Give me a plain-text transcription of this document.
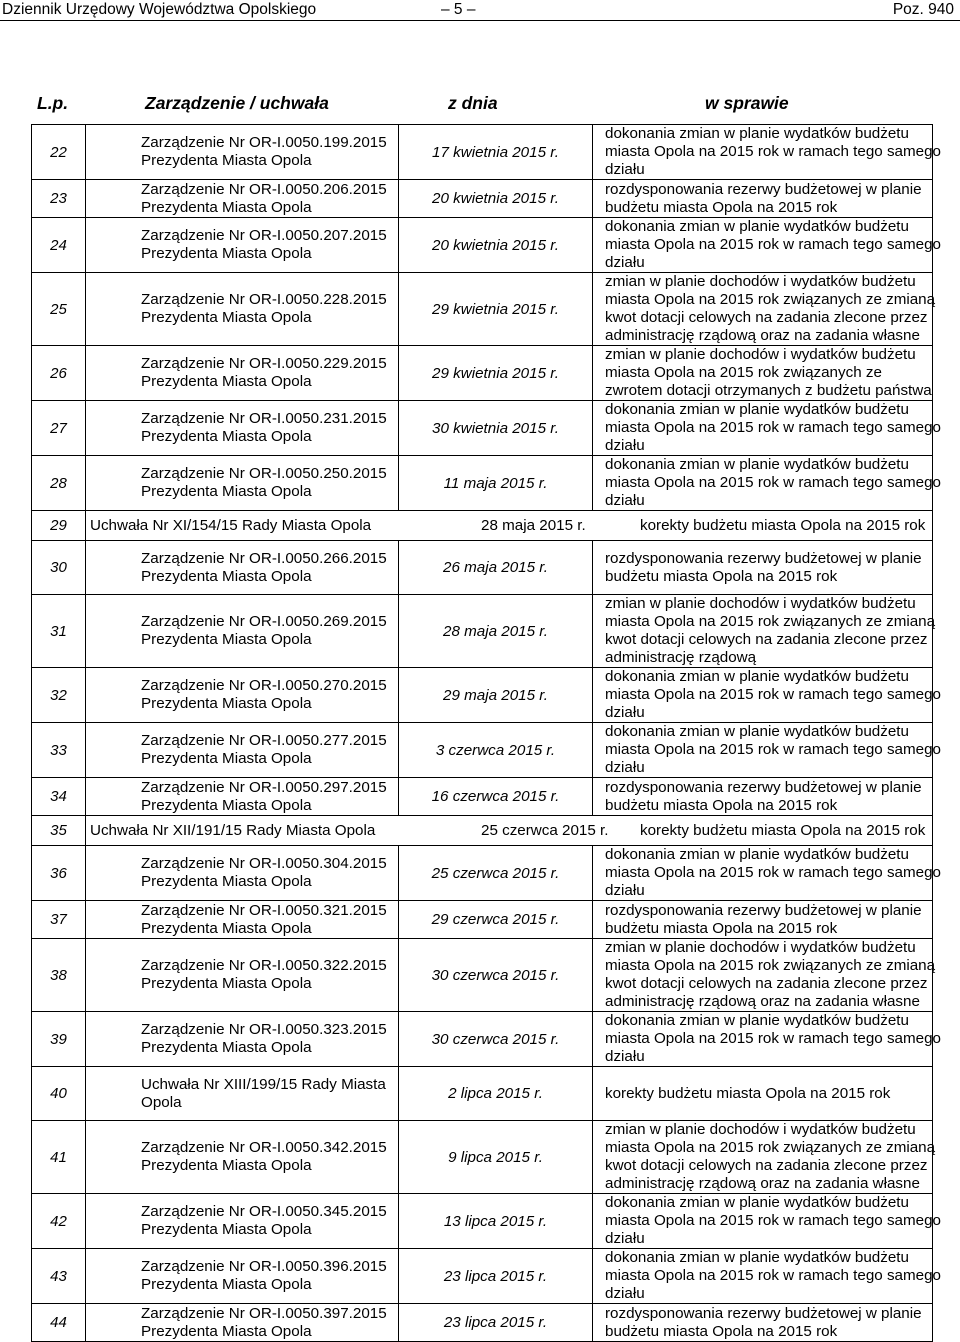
Dziennik Urzędowy Województwa Opolskiego	– 5 –	Poz. 940
L.p.	Zarządzenie / uchwała	z dnia	w sprawie
22	Zarządzenie Nr OR-I.0050.199.2015
Prezydenta Miasta Opola	17 kwietnia 2015 r.	dokonania zmian w planie wydatków budżetu
miasta Opola na 2015 rok w ramach tego samego
działu

23	Zarządzenie Nr OR-I.0050.206.2015
Prezydenta Miasta Opola	20 kwietnia 2015 r.	rozdysponowania rezerwy budżetowej w planie
budżetu miasta Opola na 2015 rok

24	Zarządzenie Nr OR-I.0050.207.2015
Prezydenta Miasta Opola	20 kwietnia 2015 r.	dokonania zmian w planie wydatków budżetu
miasta Opola na 2015 rok w ramach tego samego
działu

25	Zarządzenie Nr OR-I.0050.228.2015
Prezydenta Miasta Opola	29 kwietnia 2015 r.	zmian w planie dochodów i wydatków budżetu
miasta Opola na 2015 rok związanych ze zmianą
kwot dotacji celowych na zadania zlecone przez
administrację rządową oraz na zadania własne

26	Zarządzenie Nr OR-I.0050.229.2015
Prezydenta Miasta Opola	29 kwietnia 2015 r.	zmian w planie dochodów i wydatków budżetu
miasta Opola na 2015 rok związanych ze
zwrotem dotacji otrzymanych z budżetu państwa

27	Zarządzenie Nr OR-I.0050.231.2015
Prezydenta Miasta Opola	30 kwietnia 2015 r.	dokonania zmian w planie wydatków budżetu
miasta Opola na 2015 rok w ramach tego samego
działu

28	Zarządzenie Nr OR-I.0050.250.2015
Prezydenta Miasta Opola	11 maja 2015 r.	dokonania zmian w planie wydatków budżetu
miasta Opola na 2015 rok w ramach tego samego
działu

29	Uchwała Nr XI/154/15 Rady Miasta Opola 28 maja 2015 r. korekty budżetu miasta Opola na 2015 rok		
30	Zarządzenie Nr OR-I.0050.266.2015
Prezydenta Miasta Opola	26 maja 2015 r.	rozdysponowania rezerwy budżetowej w planie
budżetu miasta Opola na 2015 rok

31	Zarządzenie Nr OR-I.0050.269.2015
Prezydenta Miasta Opola	28 maja 2015 r.	zmian w planie dochodów i wydatków budżetu
miasta Opola na 2015 rok związanych ze zmianą
kwot dotacji celowych na zadania zlecone przez
administrację rządową

32	Zarządzenie Nr OR-I.0050.270.2015
Prezydenta Miasta Opola	29 maja 2015 r.	dokonania zmian w planie wydatków budżetu
miasta Opola na 2015 rok w ramach tego samego
działu

33	Zarządzenie Nr OR-I.0050.277.2015
Prezydenta Miasta Opola	3 czerwca 2015 r.	dokonania zmian w planie wydatków budżetu
miasta Opola na 2015 rok w ramach tego samego
działu

34	Zarządzenie Nr OR-I.0050.297.2015
Prezydenta Miasta Opola	16 czerwca 2015 r.	rozdysponowania rezerwy budżetowej w planie
budżetu miasta Opola na 2015 rok

35	Uchwała Nr XII/191/15 Rady Miasta Opola 25 czerwca 2015 r. korekty budżetu miasta Opola na 2015 rok		
36	Zarządzenie Nr OR-I.0050.304.2015
Prezydenta Miasta Opola	25 czerwca 2015 r.	dokonania zmian w planie wydatków budżetu
miasta Opola na 2015 rok w ramach tego samego
działu

37	Zarządzenie Nr OR-I.0050.321.2015
Prezydenta Miasta Opola	29 czerwca 2015 r.	rozdysponowania rezerwy budżetowej w planie
budżetu miasta Opola na 2015 rok

38	Zarządzenie Nr OR-I.0050.322.2015
Prezydenta Miasta Opola	30 czerwca 2015 r.	zmian w planie dochodów i wydatków budżetu
miasta Opola na 2015 rok związanych ze zmianą
kwot dotacji celowych na zadania zlecone przez
administrację rządową oraz na zadania własne

39	Zarządzenie Nr OR-I.0050.323.2015
Prezydenta Miasta Opola	30 czerwca 2015 r.	dokonania zmian w planie wydatków budżetu
miasta Opola na 2015 rok w ramach tego samego
działu

40	Uchwała Nr XIII/199/15 Rady Miasta
Opola	2 lipca 2015 r.	korekty budżetu miasta Opola na 2015 rok

41	Zarządzenie Nr OR-I.0050.342.2015
Prezydenta Miasta Opola	9 lipca 2015 r.	zmian w planie dochodów i wydatków budżetu
miasta Opola na 2015 rok związanych ze zmianą
kwot dotacji celowych na zadania zlecone przez
administrację rządową oraz na zadania własne

42	Zarządzenie Nr OR-I.0050.345.2015
Prezydenta Miasta Opola	13 lipca 2015 r.	dokonania zmian w planie wydatków budżetu
miasta Opola na 2015 rok w ramach tego samego
działu

43	Zarządzenie Nr OR-I.0050.396.2015
Prezydenta Miasta Opola	23 lipca 2015 r.	dokonania zmian w planie wydatków budżetu
miasta Opola na 2015 rok w ramach tego samego
działu

44	Zarządzenie Nr OR-I.0050.397.2015
Prezydenta Miasta Opola	23 lipca 2015 r.	rozdysponowania rezerwy budżetowej w planie
budżetu miasta Opola na 2015 rok
